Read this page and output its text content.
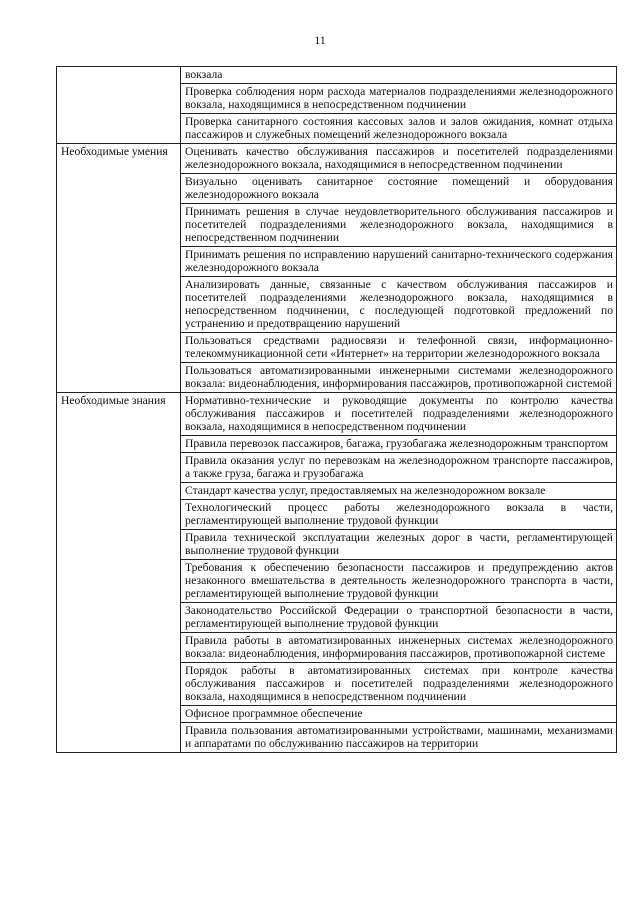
11
	вокзала
	Проверка соблюдения норм расхода материалов подразделениями железнодорожного вокзала, находящимися в непосредственном подчинении
	Проверка санитарного состояния кассовых залов и залов ожидания, комнат отдыха пассажиров и служебных помещений железнодорожного вокзала
Необходимые умения	Оценивать качество обслуживания пассажиров и посетителей подразделениями железнодорожного вокзала, находящимися в непосредственном подчинении
	Визуально оценивать санитарное состояние помещений и оборудования железнодорожного вокзала
	Принимать решения в случае неудовлетворительного обслуживания пассажиров и посетителей подразделениями железнодорожного вокзала, находящимися в непосредственном подчинении
	Принимать решения по исправлению нарушений санитарно-технического содержания железнодорожного вокзала
	Анализировать данные, связанные с качеством обслуживания пассажиров и посетителей подразделениями железнодорожного вокзала, находящимися в непосредственном подчинении, с последующей подготовкой предложений по устранению и предотвращению нарушений
	Пользоваться средствами радиосвязи и телефонной связи, информационно-телекоммуникационной сети «Интернет» на территории железнодорожного вокзала
	Пользоваться автоматизированными инженерными системами железнодорожного вокзала: видеонаблюдения, информирования пассажиров, противопожарной системой
Необходимые знания	Нормативно-технические и руководящие документы по контролю качества обслуживания пассажиров и посетителей подразделениями железнодорожного вокзала, находящимися в непосредственном подчинении
	Правила перевозок пассажиров, багажа, грузобагажа железнодорожным транспортом
	Правила оказания услуг по перевозкам на железнодорожном транспорте пассажиров, а также груза, багажа и грузобагажа
	Стандарт качества услуг, предоставляемых на железнодорожном вокзале
	Технологический процесс работы железнодорожного вокзала в части, регламентирующей выполнение трудовой функции
	Правила технической эксплуатации железных дорог в части, регламентирующей выполнение трудовой функции
	Требования к обеспечению безопасности пассажиров и предупреждению актов незаконного вмешательства в деятельность железнодорожного транспорта в части, регламентирующей выполнение трудовой функции
	Законодательство Российской Федерации о транспортной безопасности в части, регламентирующей выполнение трудовой функции
	Правила работы в автоматизированных инженерных системах железнодорожного вокзала: видеонаблюдения, информирования пассажиров, противопожарной системе
	Порядок работы в автоматизированных системах при контроле качества обслуживания пассажиров и посетителей подразделениями железнодорожного вокзала, находящимися в непосредственном подчинении
	Офисное программное обеспечение
	Правила пользования автоматизированными устройствами, машинами, механизмами и аппаратами по обслуживанию пассажиров на территории
